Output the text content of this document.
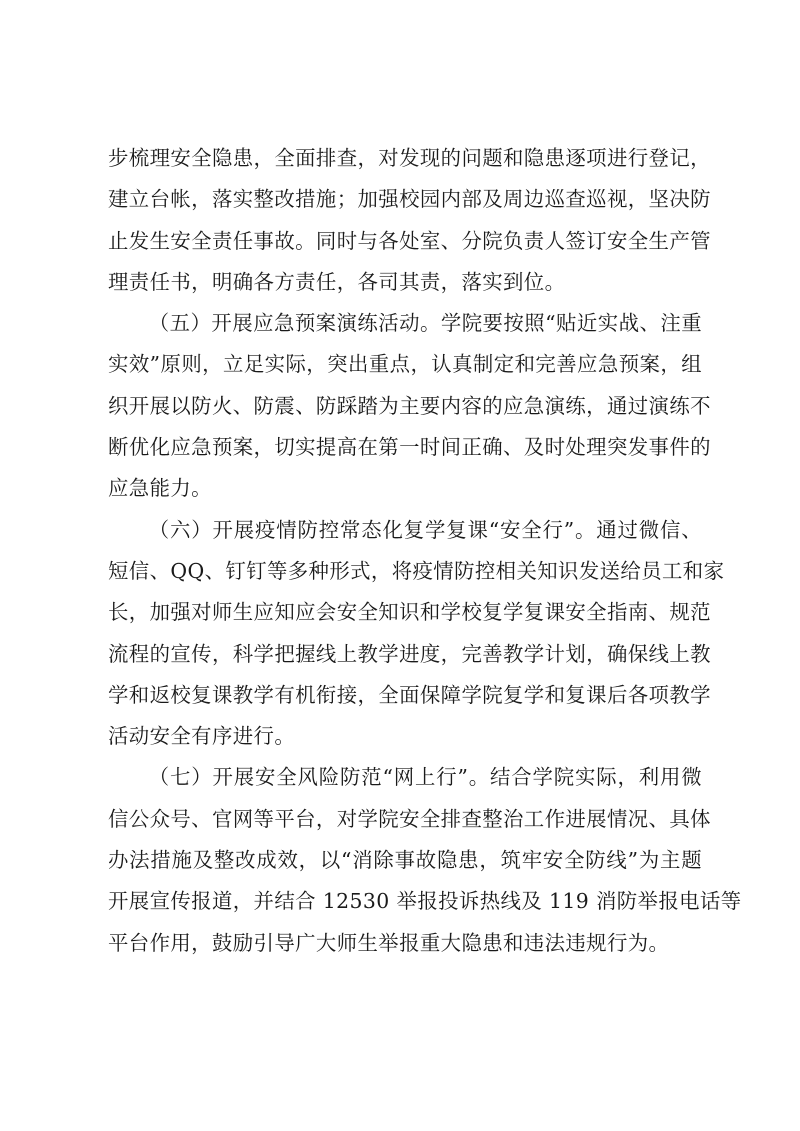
步梳理安全隐患，全面排查，对发现的问题和隐患逐项进行登记，
建立台帐，落实整改措施；加强校园内部及周边巡查巡视，坚决防
止发生安全责任事故。同时与各处室、分院负责人签订安全生产管
理责任书，明确各方责任，各司其责，落实到位。

（五）开展应急预案演练活动。学院要按照“贴近实战、注重
实效”原则，立足实际，突出重点，认真制定和完善应急预案，组
织开展以防火、防震、防踩踏为主要内容的应急演练，通过演练不
断优化应急预案，切实提高在第一时间正确、及时处理突发事件的
应急能力。

（六）开展疫情防控常态化复学复课“安全行”。通过微信、
短信、QQ、钉钉等多种形式，将疫情防控相关知识发送给员工和家
长，加强对师生应知应会安全知识和学校复学复课安全指南、规范
流程的宣传，科学把握线上教学进度，完善教学计划，确保线上教
学和返校复课教学有机衔接，全面保障学院复学和复课后各项教学
活动安全有序进行。

（七）开展安全风险防范“网上行”。结合学院实际，利用微
信公众号、官网等平台，对学院安全排查整治工作进展情况、具体
办法措施及整改成效，以“消除事故隐患，筑牢安全防线”为主题
开展宣传报道，并结合 12530 举报投诉热线及 119 消防举报电话等
平台作用，鼓励引导广大师生举报重大隐患和违法违规行为。
